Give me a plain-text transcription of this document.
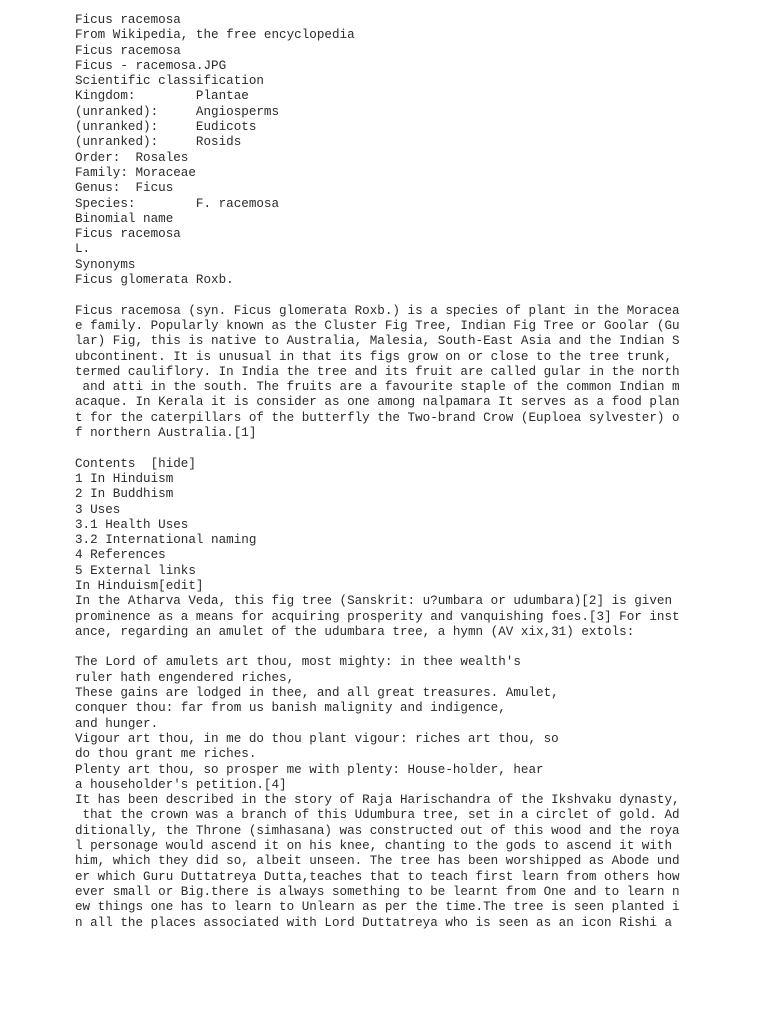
Ficus racemosa
From Wikipedia, the free encyclopedia
Ficus racemosa
Ficus - racemosa.JPG
Scientific classification
Kingdom:        Plantae
(unranked):     Angiosperms
(unranked):     Eudicots
(unranked):     Rosids
Order:  Rosales
Family: Moraceae
Genus:  Ficus
Species:        F. racemosa
Binomial name
Ficus racemosa
L.
Synonyms
Ficus glomerata Roxb.
Ficus racemosa (syn. Ficus glomerata Roxb.) is a species of plant in the Moracea
e family. Popularly known as the Cluster Fig Tree, Indian Fig Tree or Goolar (Gu
lar) Fig, this is native to Australia, Malesia, South-East Asia and the Indian S
ubcontinent. It is unusual in that its figs grow on or close to the tree trunk,
termed cauliflory. In India the tree and its fruit are called gular in the north
and atti in the south. The fruits are a favourite staple of the common Indian m
acaque. In Kerala it is consider as one among nalpamara It serves as a food plan
t for the caterpillars of the butterfly the Two-brand Crow (Euploea sylvester) o
f northern Australia.[1]
Contents  [hide]
1 In Hinduism
2 In Buddhism
3 Uses
3.1 Health Uses
3.2 International naming
4 References
5 External links
In Hinduism[edit]
In the Atharva Veda, this fig tree (Sanskrit: u?umbara or udumbara)[2] is given
prominence as a means for acquiring prosperity and vanquishing foes.[3] For inst
ance, regarding an amulet of the udumbara tree, a hymn (AV xix,31) extols:
The Lord of amulets art thou, most mighty: in thee wealth's
ruler hath engendered riches,
These gains are lodged in thee, and all great treasures. Amulet,
conquer thou: far from us banish malignity and indigence,
and hunger.
Vigour art thou, in me do thou plant vigour: riches art thou, so
do thou grant me riches.
Plenty art thou, so prosper me with plenty: House-holder, hear
a householder's petition.[4]
It has been described in the story of Raja Harischandra of the Ikshvaku dynasty,
that the crown was a branch of this Udumbura tree, set in a circlet of gold. Ad
ditionally, the Throne (simhasana) was constructed out of this wood and the roya
l personage would ascend it on his knee, chanting to the gods to ascend it with
him, which they did so, albeit unseen. The tree has been worshipped as Abode und
er which Guru Duttatreya Dutta,teaches that to teach first learn from others how
ever small or Big.there is always something to be learnt from One and to learn n
ew things one has to learn to Unlearn as per the time.The tree is seen planted i
n all the places associated with Lord Duttatreya who is seen as an icon Rishi a
